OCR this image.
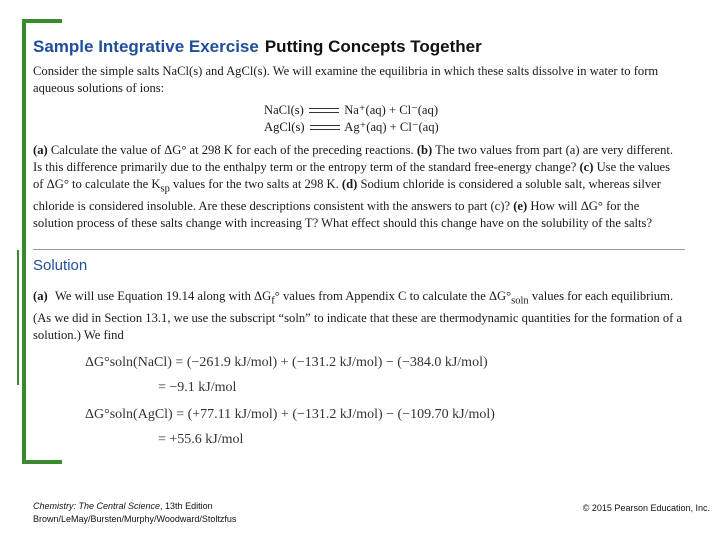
Sample Integrative Exercise Putting Concepts Together
Consider the simple salts NaCl(s) and AgCl(s). We will examine the equilibria in which these salts dissolve in water to form aqueous solutions of ions:
NaCl(s)	Na⁺(aq) + Cl⁻(aq)
AgCl(s)	Ag⁺(aq) + Cl⁻(aq)
(a) Calculate the value of ΔG° at 298 K for each of the preceding reactions. (b) The two values from part (a) are very different. Is this difference primarily due to the enthalpy term or the entropy term of the standard free-energy change? (c) Use the values of ΔG° to calculate the $K_{sp}$ values for the two salts at 298 K. (d) Sodium chloride is considered a soluble salt, whereas silver chloride is considered insoluble. Are these descriptions consistent with the answers to part (c)? (e) How will ΔG° for the solution process of these salts change with increasing T? What effect should this change have on the solubility of the salts?
Solution
(a) We will use Equation 19.14 along with $\Delta G_f^\circ$ values from Appendix C to calculate the $\Delta G^\circ_{soln}$ values for each equilibrium. (As we did in Section 13.1, we use the subscript “soln” to indicate that these are thermodynamic quantities for the formation of a solution.) We find
ΔG°soln(NaCl) = (−261.9 kJ/mol) + (−131.2 kJ/mol) − (−384.0 kJ/mol)
= −9.1 kJ/mol
ΔG°soln(AgCl) = (+77.11 kJ/mol) + (−131.2 kJ/mol) − (−109.70 kJ/mol)
= +55.6 kJ/mol
Chemistry: The Central Science, 13th Edition
Brown/LeMay/Bursten/Murphy/Woodward/Stoltzfus
© 2015 Pearson Education, Inc.
